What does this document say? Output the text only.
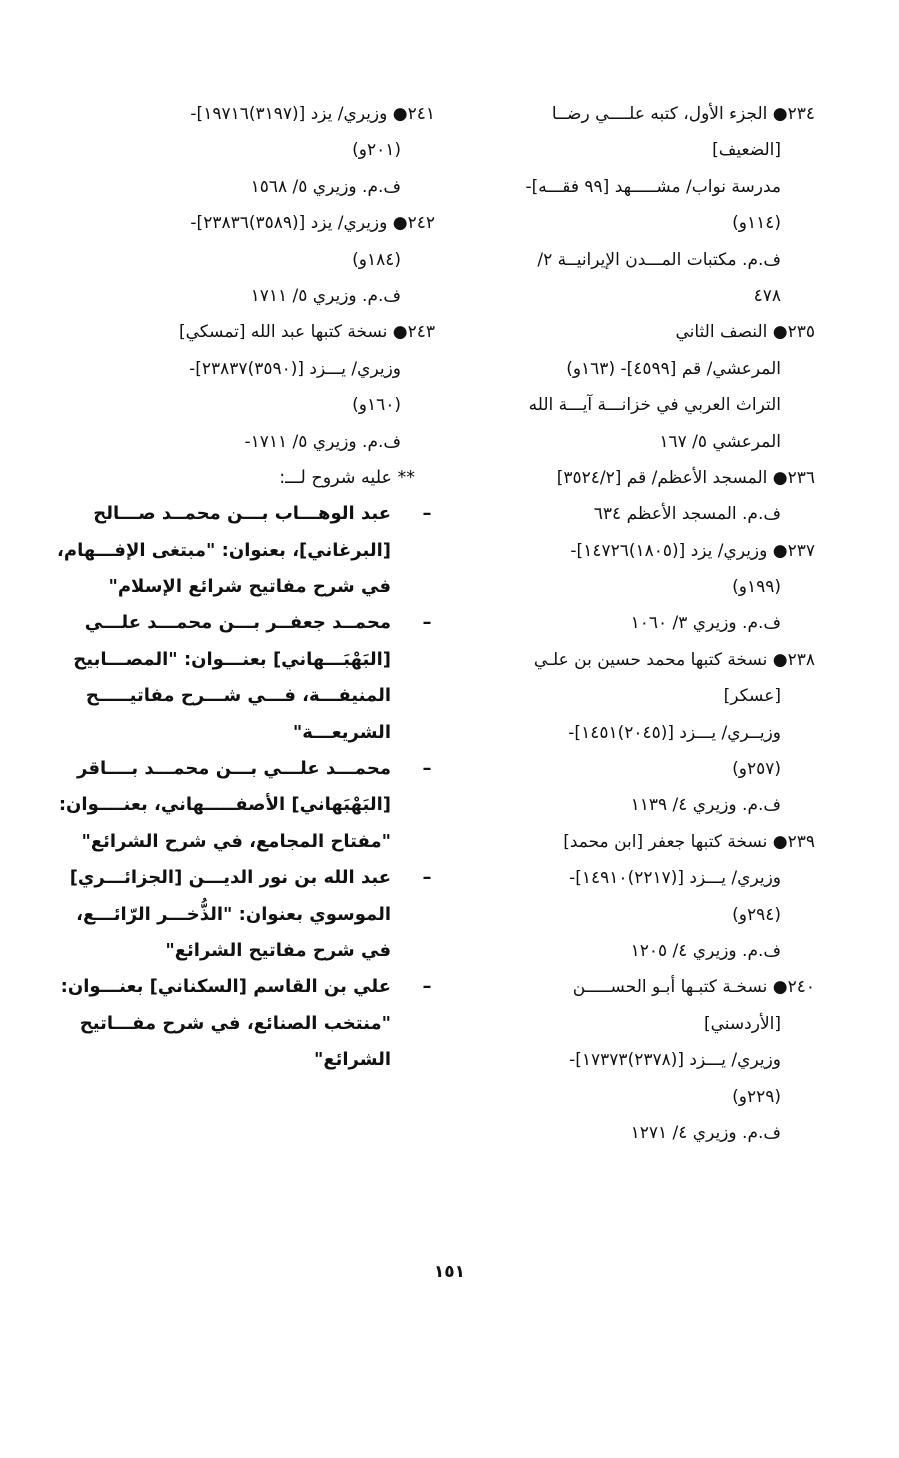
٢٣٤● الجزء الأول، كتبه علــــي رضــا
[الضعيف]
مدرسة نواب/ مشـــــهد [٩٩ فقـــه]-
(١١٤و)
ف.م. مكتبات المـــدن الإيرانيــة ٢/
٤٧٨
٢٣٥● النصف الثاني
المرعشي/ قم [٤٥٩٩]- (١٦٣و)
التراث العربي في خزانـــة آيـــة الله
المرعشي ٥/ ١٦٧
٢٣٦● المسجد الأعظم/ قم [٣٥٢٤/٢]
ف.م. المسجد الأعظم ٦٣٤
٢٣٧● وزيري/ يزد [(١٨٠٥)١٤٧٢٦]-
(١٩٩و)
ف.م. وزيري ٣/ ١٠٦٠
٢٣٨● نسخة كتبها محمد حسين بن علـي
[عسكر]
وزيــري/ يـــزد [(٢٠٤٥)١٤٥١]-
(٢٥٧و)
ف.م. وزيري ٤/ ١١٣٩
٢٣٩● نسخة كتبها جعفر [ابن محمد]
وزيري/ يـــزد [(٢٢١٧)١٤٩١٠]-
(٢٩٤و)
ف.م. وزيري ٤/ ١٢٠٥
٢٤٠● نسخـة كتبـها أبـو الحســـــن
[الأردسني]
وزيري/ يـــزد [(٢٣٧٨)١٧٣٧٣]-
(٢٢٩و)
ف.م. وزيري ٤/ ١٢٧١
٢٤١● وزيري/ يزد [(٣١٩٧)١٩٧١٦]-
(٢٠١و)
ف.م. وزيري ٥/ ١٥٦٨
٢٤٢● وزيري/ يزد [(٣٥٨٩)٢٣٨٣٦]-
(١٨٤و)
ف.م. وزيري ٥/ ١٧١١
٢٤٣● نسخة كتبها عبد الله [تمسكي]
وزيري/ يـــزد [(٣٥٩٠)٢٣٨٣٧]-
(١٦٠و)
ف.م. وزيري ٥/ ١٧١١-
** عليه شروح لـــ:
–
عبد الوهـــاب بـــن محمــد صـــالح
[البرغاني]، بعنوان: "مبتغى الإفـــهام،
في شرح مفاتيح شرائع الإسلام"
–
محمــد جعفــر بـــن محمـــد علـــي
[البَهْبَـــهاني] بعنـــوان: "المصـــابيح
المنيفـــة، فـــي شـــرح مفاتيـــــح
الشريعـــة"
–
محمـــد علـــي بـــن محمـــد بــــاقر
[البَهْبَهاني] الأصفـــــهاني، بعنــــوان:
"مفتاح المجامع، في شرح الشرائع"
–
عبد الله بن نور الديـــن [الجزائـــري]
الموسوي بعنوان: "الذُّخـــر الرّائـــع،
في شرح مفاتيح الشرائع"
–
علي بن القاسم [السكناني] بعنـــوان:
"منتخب الصنائع، في شرح مفـــاتيح
الشرائع"
١٥١
